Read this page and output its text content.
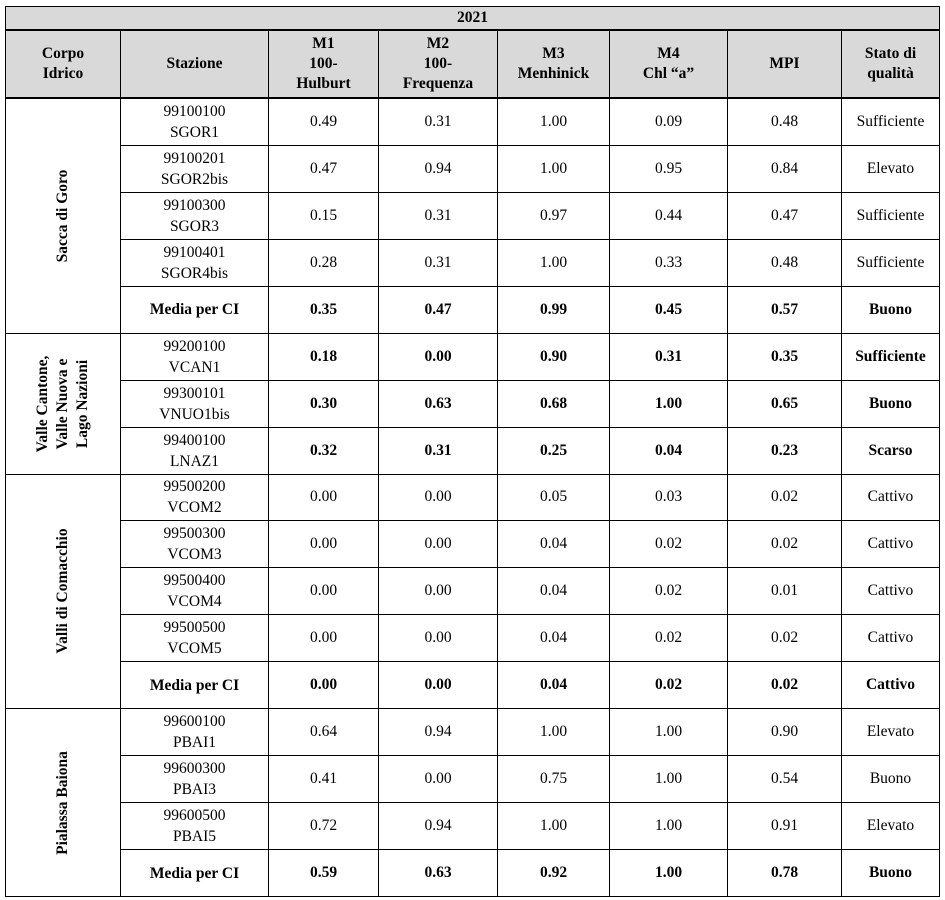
2021							

Corpo
Idrico	Stazione	M1
100-
Hulburt	M2
100-
Frequenza	M3
Menhinick	M4
Chl “a”	MPI	Stato di
qualità

Sacca di Goro	99100100
SGOR1	0.49	0.31	1.00	0.09	0.48	Sufficiente
	99100201
SGOR2bis	0.47	0.94	1.00	0.95	0.84	Elevato
	99100300
SGOR3	0.15	0.31	0.97	0.44	0.47	Sufficiente
	99100401
SGOR4bis	0.28	0.31	1.00	0.33	0.48	Sufficiente
	Media per CI	0.35	0.47	0.99	0.45	0.57	Buono

Valle Cantone, Valle Nuova e Lago Nazioni	99200100
VCAN1	0.18	0.00	0.90	0.31	0.35	Sufficiente
	99300101
VNUO1bis	0.30	0.63	0.68	1.00	0.65	Buono
	99400100
LNAZ1	0.32	0.31	0.25	0.04	0.23	Scarso

Valli di Comacchio	99500200
VCOM2	0.00	0.00	0.05	0.03	0.02	Cattivo
	99500300
VCOM3	0.00	0.00	0.04	0.02	0.02	Cattivo
	99500400
VCOM4	0.00	0.00	0.04	0.02	0.01	Cattivo
	99500500
VCOM5	0.00	0.00	0.04	0.02	0.02	Cattivo
	Media per CI	0.00	0.00	0.04	0.02	0.02	Cattivo

Pialassa Baiona	99600100
PBAI1	0.64	0.94	1.00	1.00	0.90	Elevato
	99600300
PBAI3	0.41	0.00	0.75	1.00	0.54	Buono
	99600500
PBAI5	0.72	0.94	1.00	1.00	0.91	Elevato
	Media per CI	0.59	0.63	0.92	1.00	0.78	Buono
